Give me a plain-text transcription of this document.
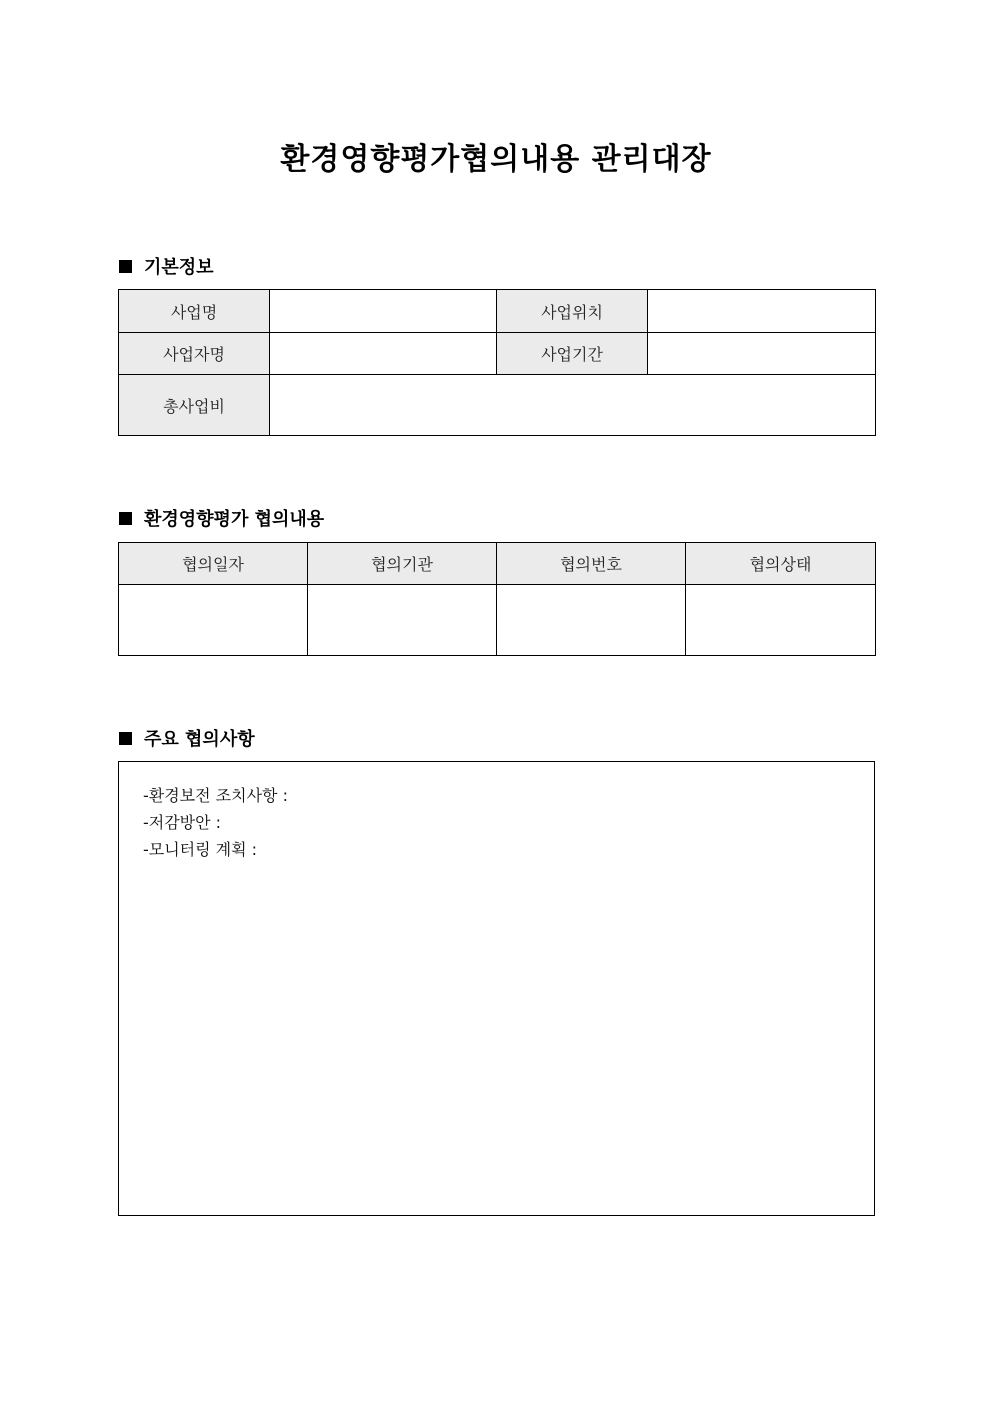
환경영향평가협의내용 관리대장
기본정보
사업명		사업위치	
사업자명		사업기간	
총사업비			
환경영향평가 협의내용
협의일자	협의기관	협의번호	협의상태

주요 협의사항
-환경보전 조치사항 :
-저감방안 :
-모니터링 계획 :
